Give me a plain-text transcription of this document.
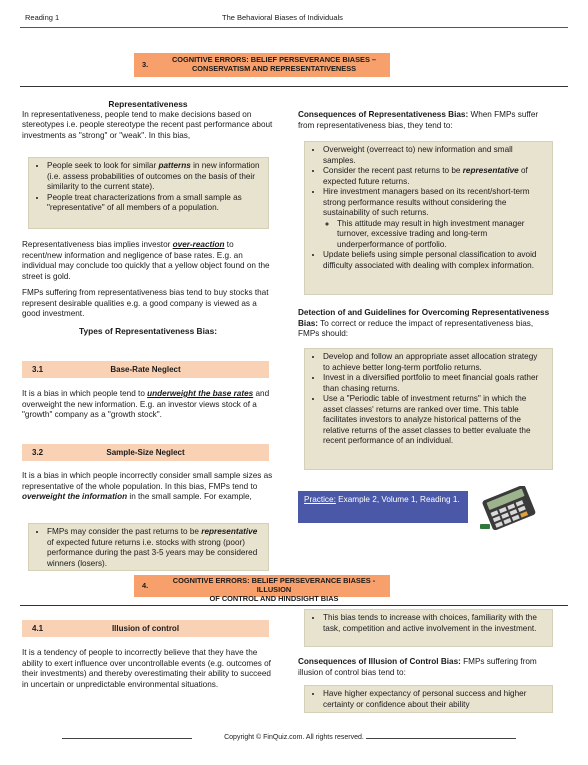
Reading 1	The Behavioral Biases of Individuals
3.
COGNITIVE ERRORS: BELIEF PERSEVERANCE BIASES –
CONSERVATISM AND REPRESENTATIVENESS

Representativeness

In representativeness, people tend to make decisions based on stereotypes i.e. people stereotype the recent past performance about investments as "strong" or "weak". In this bias,

• People seek to look for similar patterns in new information (i.e. assess probabilities of outcomes on the basis of their similarity to the current state).
• People treat characterizations from a small sample as "representative" of all members of a population.

Representativeness bias implies investor over-reaction to recent/new information and negligence of base rates. E.g. an individual may conclude too quickly that a yellow object found on the street is gold.

FMPs suffering from representativeness bias tend to buy stocks that represent desirable qualities e.g. a good company is viewed as a good investment.

Types of Representativeness Bias:

3.1	Base-Rate Neglect

It is a bias in which people tend to underweight the base rates and overweight the new information. E.g. an investor views stock of a "growth" company as a "growth stock".

3.2	Sample-Size Neglect

It is a bias in which people incorrectly consider small sample sizes as representative of the whole population. In this bias, FMPs tend to overweight the information in the small sample. For example,

• FMPs may consider the past returns to be representative of expected future returns i.e. stocks with strong (poor) performance during the past 3-5 years may be considered winners (losers).

Consequences of Representativeness Bias: When FMPs suffer from representativeness bias, they tend to:

• Overweight (overreact to) new information and small samples.
• Consider the recent past returns to be representative of expected future returns.
• Hire investment managers based on its recent/short-term strong performance results without considering the sustainability of such returns.
◦ This attitude may result in high investment manager turnover, excessive trading and long-term underperformance of portfolio.
• Update beliefs using simple personal classification to avoid difficulty associated with dealing with complex information.

Detection of and Guidelines for Overcoming Representativeness Bias: To correct or reduce the impact of representativeness bias, FMPs should:

• Develop and follow an appropriate asset allocation strategy to achieve better long-term portfolio returns.
• Invest in a diversified portfolio to meet financial goals rather than chasing returns.
• Use a "Periodic table of investment returns" in which the asset classes' returns are ranked over time. This table facilitates investors to analyze historical patterns of the relative returns of the asset classes to better evaluate the recent performance of an individual.
Practice: Example 2, Volume 1, Reading 1.
4.
COGNITIVE ERRORS: BELIEF PERSEVERANCE BIASES - ILLUSION
OF CONTROL AND HINDSIGHT BIAS
4.1	Illusion of control

It is a tendency of people to incorrectly believe that they have the ability to exert influence over uncontrollable events (e.g. outcomes of their investments) and thereby overestimating their ability to succeed in uncertain or unpredictable environmental situations.

• This bias tends to increase with choices, familiarity with the task, competition and active involvement in the investment.

Consequences of Illusion of Control Bias: FMPs suffering from illusion of control bias tend to:

• Have higher expectancy of personal success and higher certainty or confidence about their ability
Copyright © FinQuiz.com. All rights reserved.
